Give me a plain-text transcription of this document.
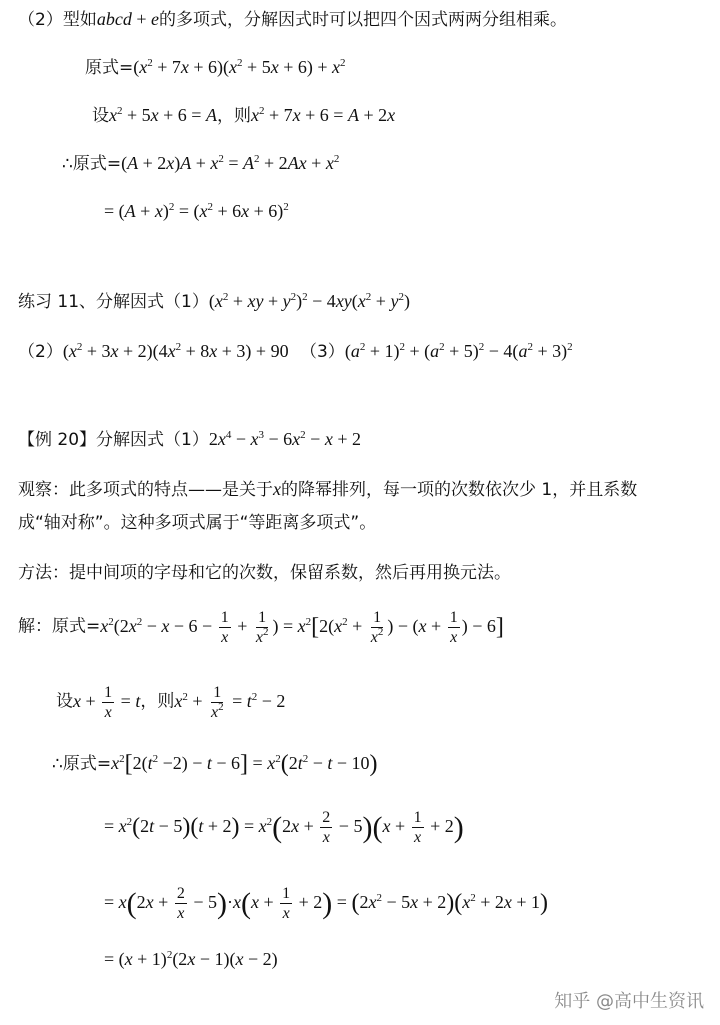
（2）型如abcd + e的多项式，分解因式时可以把四个因式两两分组相乘。
原式$=(x^2 + 7x + 6)(x^2 + 5x + 6) + x^2$
设$x^2 + 5x + 6 = A$，则$x^2 + 7x + 6 = A + 2x$
∴原式$=(A + 2x)A + x^2 = A^2 + 2Ax + x^2$
= $(A + x)^2 = (x^2 + 6x + 6)^2$
练习 11、分解因式$(1)(x^2$ + xy + $y^2)^2 - 4xy(x^2 + y^2)$
$(2)(x^2 + 3x + 2)(4x^2 + 8x + 3) + 90$ $(3)(a^2 + 1)^2 + (a^2 + 5)^2 - 4(a^2 + 3)^2$
【例 20】分解因式$(1)2x^4 - x^3 - 6x^2 - x + 2$
观察：此多项式的特点——是关于x的降幂排列，每一项的次数依次少 1，并且系数
成“轴对称”。这种多项式属于“等距离多项式”。
方法：提中间项的字母和它的次数，保留系数，然后再用换元法。
解：原式$=x^2(2x^2 - x - 6 - \frac{1}{x} + \frac{1}{x^2}$ ) = $x^2[2(x^2 + \frac{1}{x^2}$ ) − ($x + \frac{1}{x}$ ) − 6]
设$x + \frac{1}{x} = t$，则$x^2 + \frac{1}{x^2} = t^2 - 2$
∴原式$=x^2[2(t^2 -2) - t - 6] = x^2(2t^2 - t - 10)$
= $x^2(2t - 5)(t + 2) = x^2(2x + \frac{2}{x} - 5)(x + \frac{1}{x} + 2)$
= $x(2x + \frac{2}{x} - 5)\cdot x(x + \frac{1}{x} + 2) = (2x^2 - 5x + 2)(x^2 + 2x + 1)$
= $(x + 1)^2(2x - 1)(x - 2)$
知乎 @高中生资讯
